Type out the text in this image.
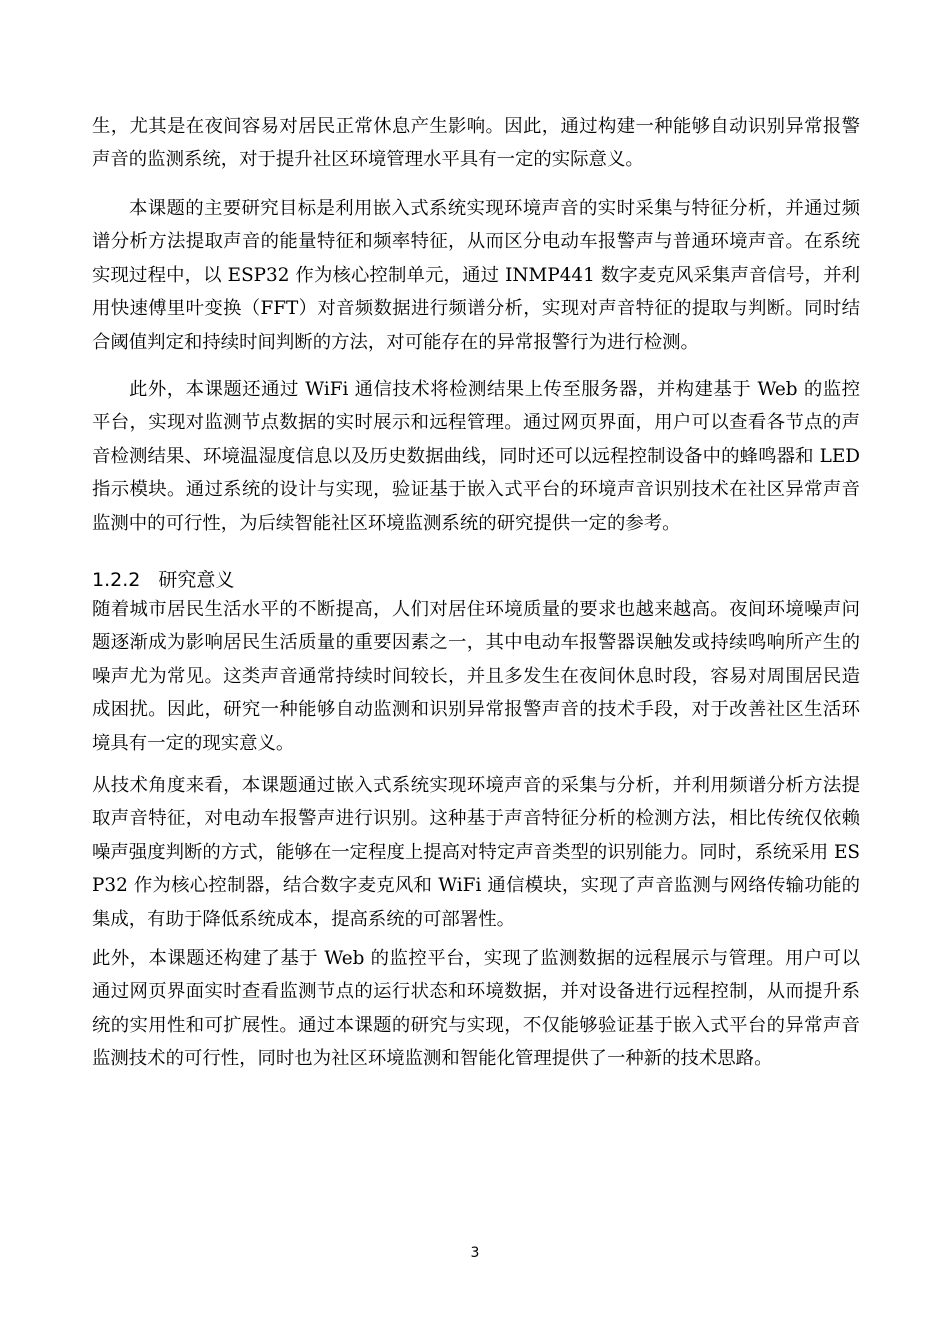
生，尤其是在夜间容易对居民正常休息产生影响。因此，通过构建一种能够自动识别异常报警声音的监测系统，对于提升社区环境管理水平具有一定的实际意义。

本课题的主要研究目标是利用嵌入式系统实现环境声音的实时采集与特征分析，并通过频谱分析方法提取声音的能量特征和频率特征，从而区分电动车报警声与普通环境声音。在系统实现过程中，以 ESP32 作为核心控制单元，通过 INMP441 数字麦克风采集声音信号，并利用快速傅里叶变换（FFT）对音频数据进行频谱分析，实现对声音特征的提取与判断。同时结合阈值判定和持续时间判断的方法，对可能存在的异常报警行为进行检测。

此外，本课题还通过 WiFi 通信技术将检测结果上传至服务器，并构建基于 Web 的监控平台，实现对监测节点数据的实时展示和远程管理。通过网页界面，用户可以查看各节点的声音检测结果、环境温湿度信息以及历史数据曲线，同时还可以远程控制设备中的蜂鸣器和 LED 指示模块。通过系统的设计与实现，验证基于嵌入式平台的环境声音识别技术在社区异常声音监测中的可行性，为后续智能社区环境监测系统的研究提供一定的参考。

1.2.2 研究意义

随着城市居民生活水平的不断提高，人们对居住环境质量的要求也越来越高。夜间环境噪声问题逐渐成为影响居民生活质量的重要因素之一，其中电动车报警器误触发或持续鸣响所产生的噪声尤为常见。这类声音通常持续时间较长，并且多发生在夜间休息时段，容易对周围居民造成困扰。因此，研究一种能够自动监测和识别异常报警声音的技术手段，对于改善社区生活环境具有一定的现实意义。

从技术角度来看，本课题通过嵌入式系统实现环境声音的采集与分析，并利用频谱分析方法提取声音特征，对电动车报警声进行识别。这种基于声音特征分析的检测方法，相比传统仅依赖噪声强度判断的方式，能够在一定程度上提高对特定声音类型的识别能力。同时，系统采用 ESP32 作为核心控制器，结合数字麦克风和 WiFi 通信模块，实现了声音监测与网络传输功能的集成，有助于降低系统成本，提高系统的可部署性。

此外，本课题还构建了基于 Web 的监控平台，实现了监测数据的远程展示与管理。用户可以通过网页界面实时查看监测节点的运行状态和环境数据，并对设备进行远程控制，从而提升系统的实用性和可扩展性。通过本课题的研究与实现，不仅能够验证基于嵌入式平台的异常声音监测技术的可行性，同时也为社区环境监测和智能化管理提供了一种新的技术思路。

3
